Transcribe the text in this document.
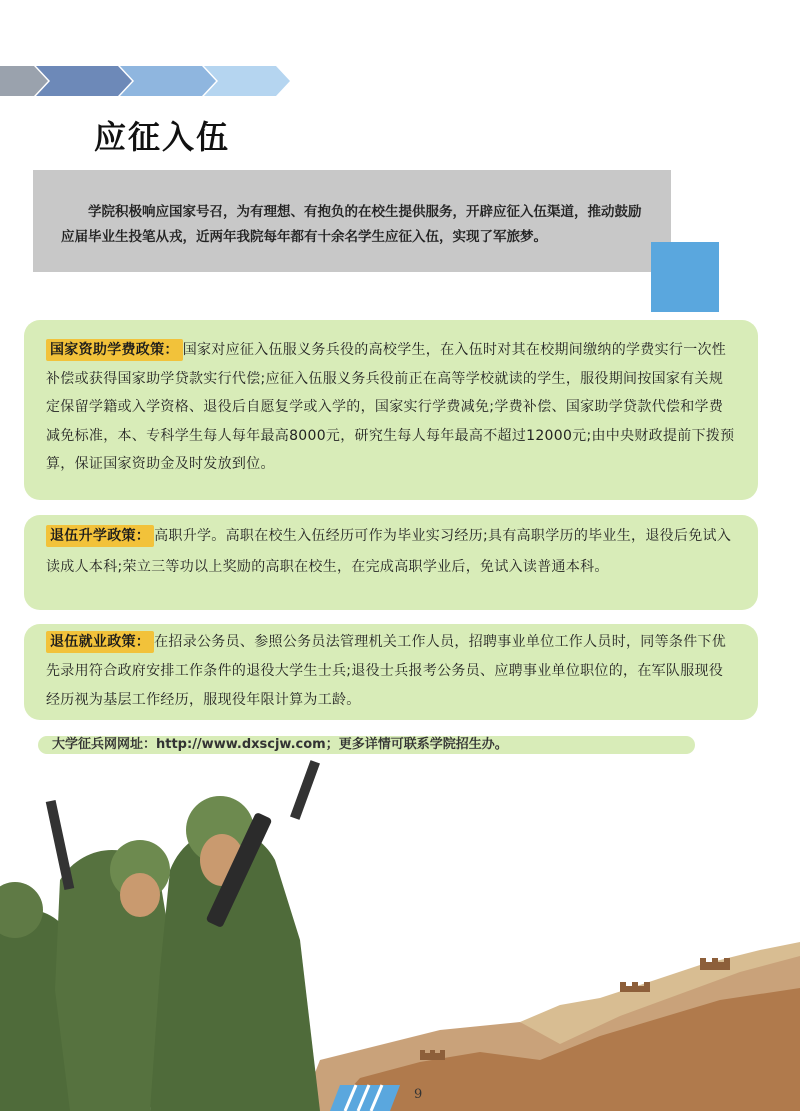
应征入伍
学院积极响应国家号召，为有理想、有抱负的在校生提供服务，开辟应征入伍渠道，推动鼓励应届毕业生投笔从戎，近两年我院每年都有十余名学生应征入伍，实现了军旅梦。
国家资助学费政策： 国家对应征入伍服义务兵役的高校学生，在入伍时对其在校期间缴纳的学费实行一次性补偿或获得国家助学贷款实行代偿;应征入伍服义务兵役前正在高等学校就读的学生，服役期间按国家有关规定保留学籍或入学资格、退役后自愿复学或入学的，国家实行学费减免;学费补偿、国家助学贷款代偿和学费减免标准，本、专科学生每人每年最高8000元，研究生每人每年最高不超过12000元;由中央财政提前下拨预算，保证国家资助金及时发放到位。
退伍升学政策： 高职升学。高职在校生入伍经历可作为毕业实习经历;具有高职学历的毕业生，退役后免试入读成人本科;荣立三等功以上奖励的高职在校生，在完成高职学业后，免试入读普通本科。
退伍就业政策： 在招录公务员、参照公务员法管理机关工作人员，招聘事业单位工作人员时，同等条件下优先录用符合政府安排工作条件的退役大学生士兵;退役士兵报考公务员、应聘事业单位职位的，在军队服现役经历视为基层工作经历，服现役年限计算为工龄。
大学征兵网网址：http://www.dxscjw.com；更多详情可联系学院招生办。
9
